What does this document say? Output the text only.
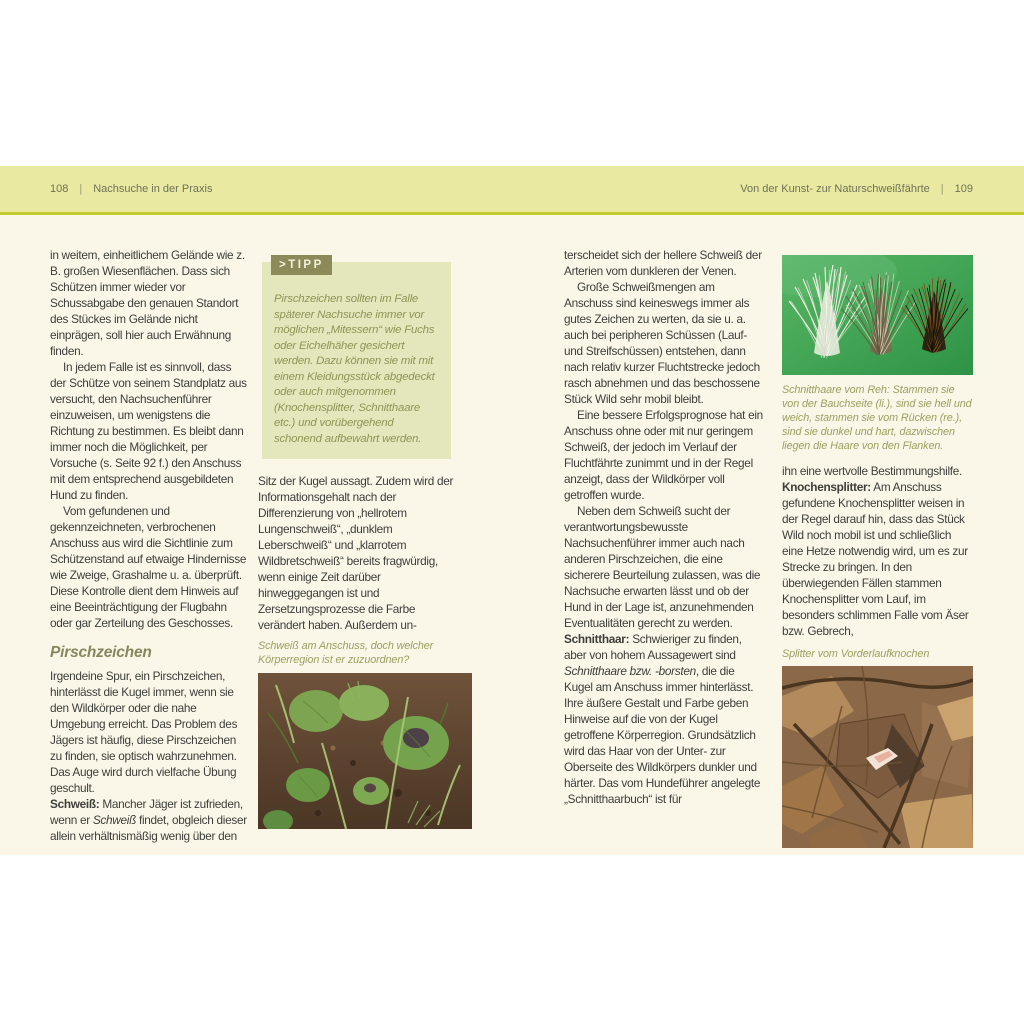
108 | Nachsuche in der Praxis	Von der Kunst- zur Naturschweißfährte | 109

in weitem, einheitlichem Gelände wie z. B. großen Wiesenflächen. Dass sich Schützen immer wieder vor Schussabgabe den genauen Standort des Stückes im Gelände nicht einprägen, soll hier auch Erwähnung finden.

In jedem Falle ist es sinnvoll, dass der Schütze von seinem Standplatz aus versucht, den Nachsuchenführer einzuweisen, um wenigstens die Richtung zu bestimmen. Es bleibt dann immer noch die Möglichkeit, per Vorsuche (s. Seite 92 f.) den Anschuss mit dem entsprechend ausgebildeten Hund zu finden.

Vom gefundenen und gekennzeichneten, verbrochenen Anschuss aus wird die Sichtlinie zum Schützenstand auf etwaige Hindernisse wie Zweige, Grashalme u. a. überprüft. Diese Kontrolle dient dem Hinweis auf eine Beeinträchtigung der Flugbahn oder gar Zerteilung des Geschosses.

Pirschzeichen

Irgendeine Spur, ein Pirschzeichen, hinterlässt die Kugel immer, wenn sie den Wildkörper oder die nahe Umgebung erreicht. Das Problem des Jägers ist häufig, diese Pirschzeichen zu finden, sie optisch wahrzunehmen. Das Auge wird durch vielfache Übung geschult.

Schweiß: Mancher Jäger ist zufrieden, wenn er Schweiß findet, obgleich dieser allein verhältnismäßig wenig über den

>TIPP

Pirschzeichen sollten im Falle späterer Nachsuche immer vor möglichen „Mitessern“ wie Fuchs oder Eichelhäher gesichert werden. Dazu können sie mit mit einem Kleidungsstück abgedeckt oder auch mitgenommen (Knochensplitter, Schnitthaare etc.) und vorübergehend schonend aufbewahrt werden.

Sitz der Kugel aussagt. Zudem wird der Informationsgehalt nach der Differenzierung von „hellrotem Lungenschweiß“, „dunklem Leberschweiß“ und „klarrotem Wildbretschweiß“ bereits fragwürdig, wenn einige Zeit darüber hinweggegangen ist und Zersetzungsprozesse die Farbe verändert haben. Außerdem un-

Schweiß am Anschuss, doch welcher Körperregion ist er zuzuordnen?

terscheidet sich der hellere Schweiß der Arterien vom dunkleren der Venen.

Große Schweißmengen am Anschuss sind keineswegs immer als gutes Zeichen zu werten, da sie u. a. auch bei peripheren Schüssen (Lauf- und Streifschüssen) entstehen, dann nach relativ kurzer Fluchtstrecke jedoch rasch abnehmen und das beschossene Stück Wild sehr mobil bleibt.

Eine bessere Erfolgsprognose hat ein Anschuss ohne oder mit nur geringem Schweiß, der jedoch im Verlauf der Fluchtfährte zunimmt und in der Regel anzeigt, dass der Wildkörper voll getroffen wurde.

Neben dem Schweiß sucht der verantwortungsbewusste Nachsuchenführer immer auch nach anderen Pirschzeichen, die eine sicherere Beurteilung zulassen, was die Nachsuche erwarten lässt und ob der Hund in der Lage ist, anzunehmenden Eventualitäten gerecht zu werden.

Schnitthaar: Schwieriger zu finden, aber von hohem Aussagewert sind Schnitthaare bzw. -borsten, die die Kugel am Anschuss immer hinterlässt. Ihre äußere Gestalt und Farbe geben Hinweise auf die von der Kugel getroffene Körperregion. Grundsätzlich wird das Haar von der Unter- zur Oberseite des Wildkörpers dunkler und härter. Das vom Hundeführer angelegte „Schnitthaarbuch“ ist für

Schnitthaare vom Reh: Stammen sie von der Bauchseite (li.), sind sie hell und weich, stammen sie vom Rücken (re.), sind sie dunkel und hart, dazwischen liegen die Haare von den Flanken.

ihn eine wertvolle Bestimmungshilfe.

Knochensplitter: Am Anschuss gefundene Knochensplitter weisen in der Regel darauf hin, dass das Stück Wild noch mobil ist und schließlich eine Hetze notwendig wird, um es zur Strecke zu bringen. In den überwiegenden Fällen stammen Knochensplitter vom Lauf, im besonders schlimmen Falle vom Äser bzw. Gebrech,

Splitter vom Vorderlaufknochen
